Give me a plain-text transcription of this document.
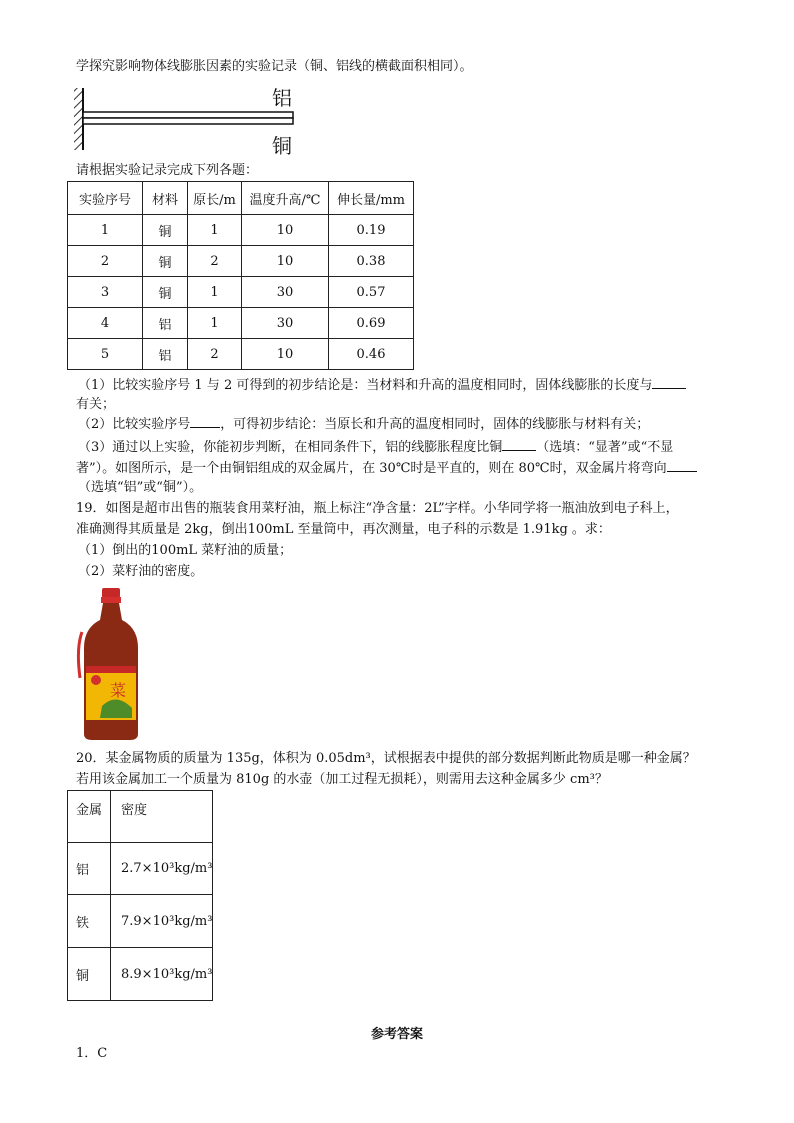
学探究影响物体线膨胀因素的实验记录（铜、铝线的横截面积相同）。
铝
铜
请根据实验记录完成下列各题：
实验序号	材料	原长/m	温度升高/℃	伸长量/mm
1	铜	1	10	0.19
2	铜	2	10	0.38
3	铜	1	30	0.57
4	铝	1	30	0.69
5	铝	2	10	0.46
（1）比较实验序号 1 与 2 可得到的初步结论是：当材料和升高的温度相同时，固体线膨胀的长度与
有关；
（2）比较实验序号 ，可得初步结论：当原长和升高的温度相同时，固体的线膨胀与材料有关；
（3）通过以上实验，你能初步判断，在相同条件下，铝的线膨胀程度比铜	（选填：“显著”或“不显
著”）。如图所示，是一个由铜铝组成的双金属片，在 30℃时是平直的，则在 80℃时，双金属片将弯向
（选填“铝”或“铜”）。
19．如图是超市出售的瓶装食用菜籽油，瓶上标注“净含量：2L”字样。小华同学将一瓶油放到电子科上，
准确测得其质量是 2kg，倒出100mL 至量筒中，再次测量，电子科的示数是 1.91kg 。求：
（1）倒出的100mL 菜籽油的质量；
（2）菜籽油的密度。
菜
20．某金属物质的质量为 135g，体积为 0.05dm³，试根据表中提供的部分数据判断此物质是哪一种金属？
若用该金属加工一个质量为 810g 的水壶（加工过程无损耗），则需用去这种金属多少 cm³？
金属	密度
铝	2.7×10³kg/m³
铁	7.9×10³kg/m³
铜	8.9×10³kg/m³
参考答案
1．C
